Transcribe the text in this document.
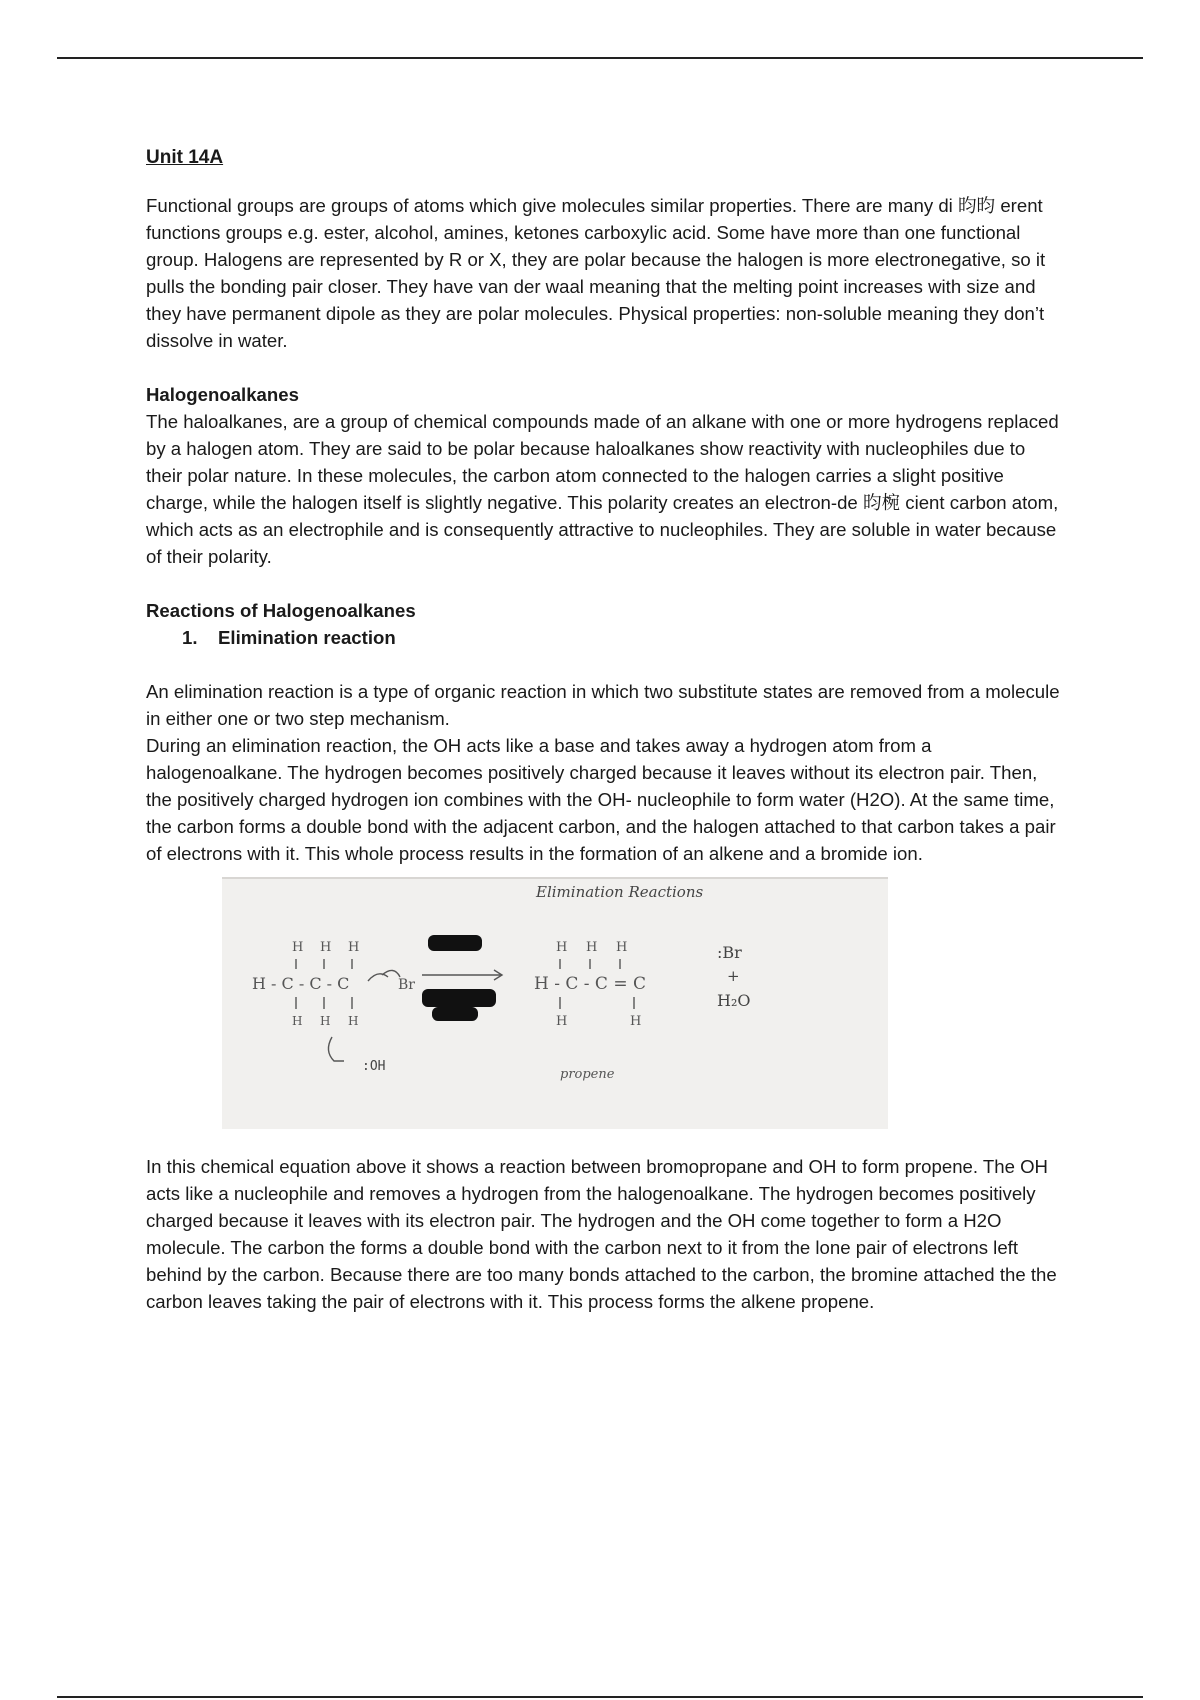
Unit 14A

Functional groups are groups of atoms which give molecules similar properties. There are many di 昀昀 erent functions groups e.g. ester, alcohol, amines, ketones carboxylic acid. Some have more than one functional group. Halogens are represented by R or X, they are polar because the halogen is more electronegative, so it pulls the bonding pair closer. They have van der waal meaning that the melting point increases with size and they have permanent dipole as they are polar molecules. Physical properties: non-soluble meaning they don’t dissolve in water.

Halogenoalkanes

The haloalkanes, are a group of chemical compounds made of an alkane with one or more hydrogens replaced by a halogen atom. They are said to be polar because haloalkanes show reactivity with nucleophiles due to their polar nature. In these molecules, the carbon atom connected to the halogen carries a slight positive charge, while the halogen itself is slightly negative. This polarity creates an electron-de 昀椀 cient carbon atom, which acts as an electrophile and is consequently attractive to nucleophiles. They are soluble in water because of their polarity.

Reactions of Halogenoalkanes
1. Elimination reaction

An elimination reaction is a type of organic reaction in which two substitute states are removed from a molecule in either one or two step mechanism.

During an elimination reaction, the OH acts like a base and takes away a hydrogen atom from a halogenoalkane. The hydrogen becomes positively charged because it leaves without its electron pair. Then, the positively charged hydrogen ion combines with the OH- nucleophile to form water (H2O). At the same time, the carbon forms a double bond with the adjacent carbon, and the halogen attached to that carbon takes a pair of electrons with it. This whole process results in the formation of an alkene and a bromide ion.

H H H
H - C - C - C	Br
H H H
H H H
H - C - C = C
H	H
Elimination Reactions
:OH
:Br
+
H₂O
propene

In this chemical equation above it shows a reaction between bromopropane and OH to form propene. The OH acts like a nucleophile and removes a hydrogen from the halogenoalkane. The hydrogen becomes positively charged because it leaves with its electron pair. The hydrogen and the OH come together to form a H2O molecule. The carbon the forms a double bond with the carbon next to it from the lone pair of electrons left behind by the carbon. Because there are too many bonds attached to the carbon, the bromine attached the the carbon leaves taking the pair of electrons with it. This process forms the alkene propene.
